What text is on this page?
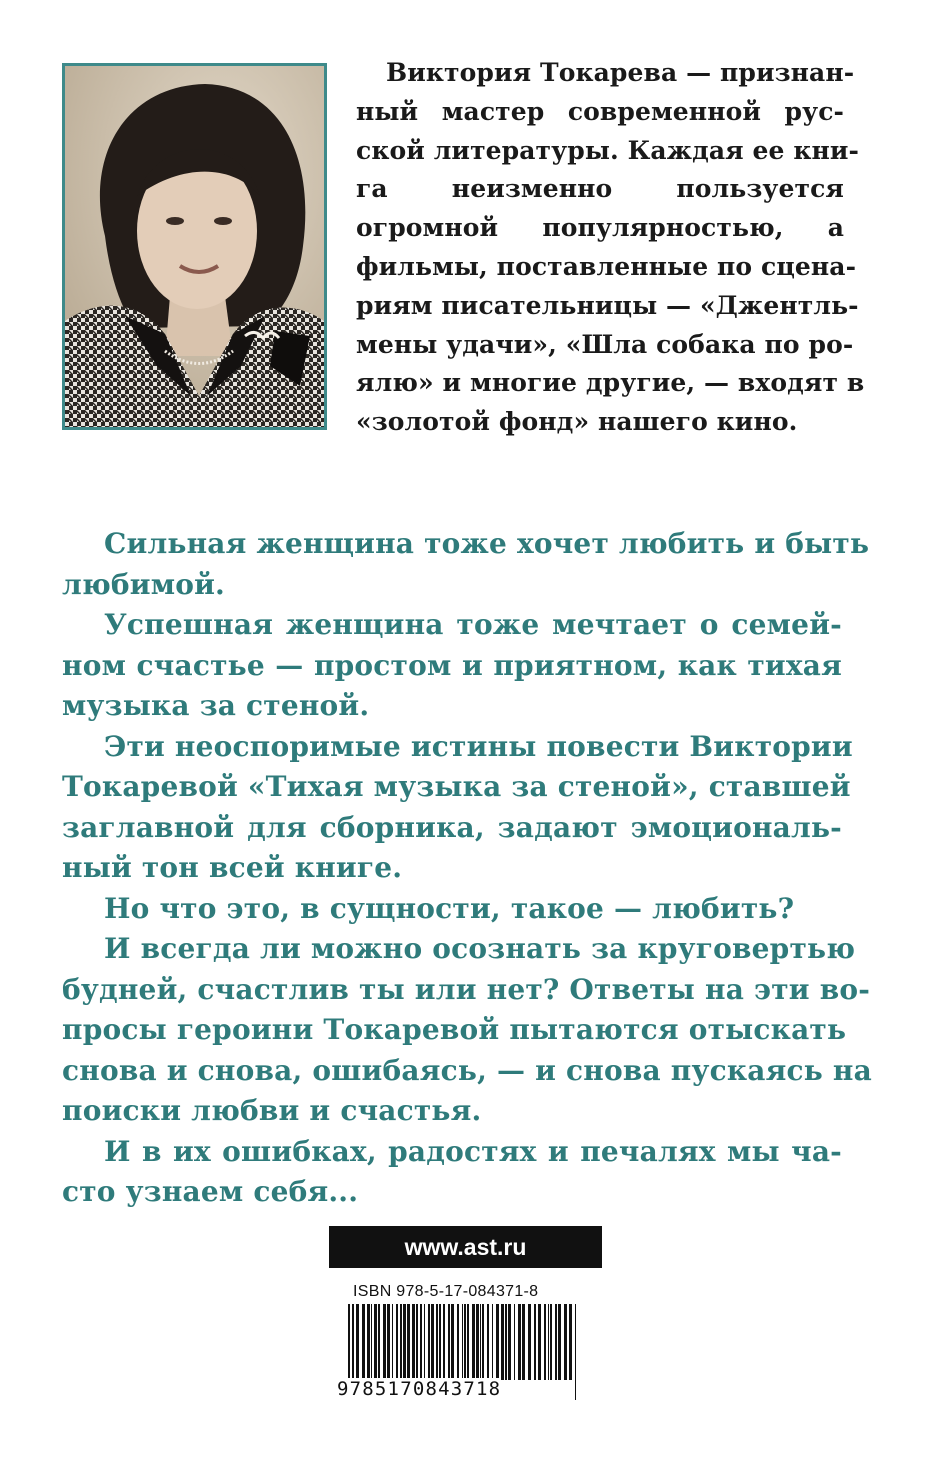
Виктория Токарева — признан-
ный мастер современной рус-
ской литературы. Каждая ее кни-
га неизменно пользуется
огромной популярностью, а
фильмы, поставленные по сцена-
риям писательницы — «Джентль-
мены удачи», «Шла собака по ро-
ялю» и многие другие, — входят в
«золотой фонд» нашего кино.

Сильная женщина тоже хочет любить и быть
любимой.

Успешная женщина тоже мечтает о семей-
ном счастье — простом и приятном, как тихая
музыка за стеной.

Эти неоспоримые истины повести Виктории
Токаревой «Тихая музыка за стеной», ставшей
заглавной для сборника, задают эмоциональ-
ный тон всей книге.

Но что это, в сущности, такое — любить?

И всегда ли можно осознать за круговертью
будней, счастлив ты или нет? Ответы на эти во-
просы героини Токаревой пытаются отыскать
снова и снова, ошибаясь, — и снова пускаясь на
поиски любви и счастья.

И в их ошибках, радостях и печалях мы ча-
сто узнаем себя...

www.ast.ru
ISBN 978-5-17-084371-8
9785170843718
